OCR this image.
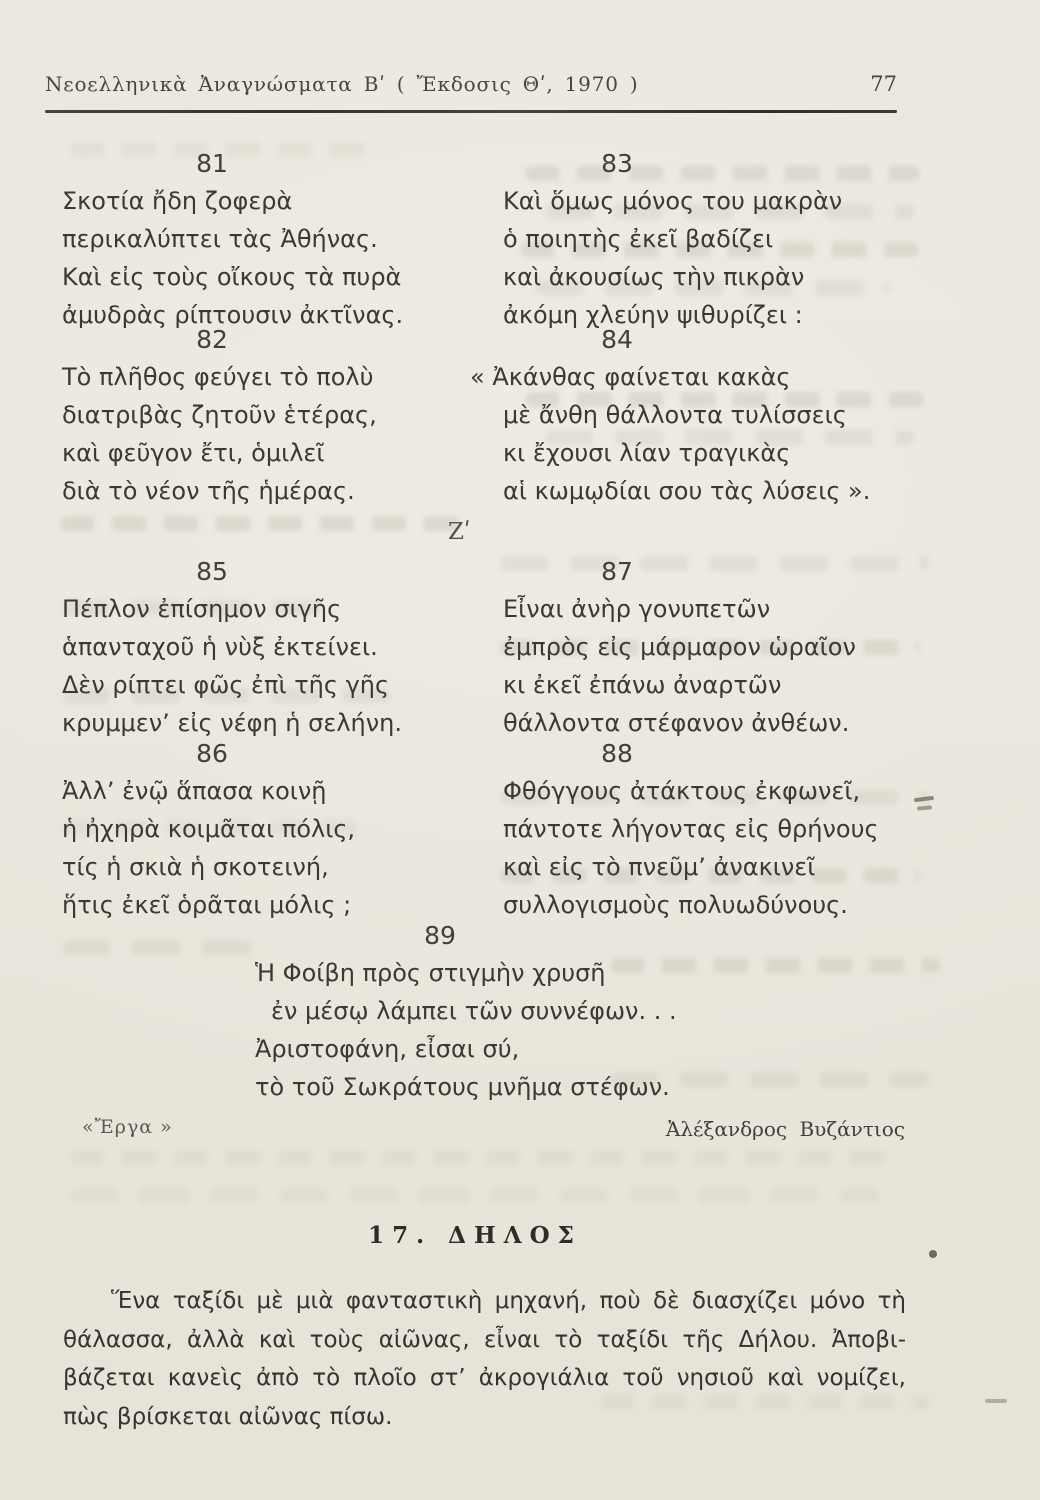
Νεοελληνικὰ Ἀναγνώσματα Βʹ ( Ἔκδοσις Θʹ, 1970 )	77
81
Σκοτία ἤδη ζοφερὰ
περικαλύπτει τὰς Ἀθήνας.
Καὶ εἰς τοὺς οἴκους τὰ πυρὰ
ἀμυδρὰς ρίπτουσιν ἀκτῖνας.
83
Καὶ ὅμως μόνος του μακρὰν
ὁ ποιητὴς ἐκεῖ βαδίζει
καὶ ἀκουσίως τὴν πικρὰν
ἀκόμη χλεύην ψιθυρίζει :
82
Τὸ πλῆθος φεύγει τὸ πολὺ
διατριβὰς ζητοῦν ἑτέρας,
καὶ φεῦγον ἔτι, ὁμιλεῖ
διὰ τὸ νέον τῆς ἡμέρας.
84
« Ἀκάνθας φαίνεται κακὰς
μὲ ἄνθη θάλλοντα τυλίσσεις
κι ἔχουσι λίαν τραγικὰς
αἱ κωμῳδίαι σου τὰς λύσεις ».
Ζʹ
85
Πέπλον ἐπίσημον σιγῆς
ἁπανταχοῦ ἡ νὺξ ἐκτείνει.
Δὲν ρίπτει φῶς ἐπὶ τῆς γῆς
κρυμμεν’ εἰς νέφη ἡ σελήνη.
87
Εἶναι ἀνὴρ γονυπετῶν
ἐμπρὸς εἰς μάρμαρον ὡραῖον
κι ἐκεῖ ἐπάνω ἀναρτῶν
θάλλοντα στέφανον ἀνθέων.
86
Ἀλλ’ ἐνῷ ἅπασα κοινῇ
ἡ ἠχηρὰ κοιμᾶται πόλις,
τίς ἡ σκιὰ ἡ σκοτεινή,
ἥτις ἐκεῖ ὁρᾶται μόλις ;
88
Φθόγγους ἀτάκτους ἐκφωνεῖ,
πάντοτε λήγοντας εἰς θρήνους
καὶ εἰς τὸ πνεῦμ’ ἀνακινεῖ
συλλογισμοὺς πολυωδύνους.
89
Ἡ Φοίβη πρὸς στιγμὴν χρυσῆ
ἐν μέσῳ λάμπει τῶν συννέφων. . .
Ἀριστοφάνη, εἶσαι σύ,
τὸ τοῦ Σωκράτους μνῆμα στέφων.
«Ἔργα »	Ἀλέξανδρος Βυζάντιος
17. ΔΗΛΟΣ
Ἕνα ταξίδι μὲ μιὰ φανταστικὴ μηχανή, ποὺ δὲ διασχίζει μόνο τὴ
θάλασσα, ἀλλὰ καὶ τοὺς αἰῶνας, εἶναι τὸ ταξίδι τῆς Δήλου. Ἀποβι-
βάζεται κανεὶς ἀπὸ τὸ πλοῖο στ’ ἀκρογιάλια τοῦ νησιοῦ καὶ νομίζει,
πὼς βρίσκεται αἰῶνας πίσω.
